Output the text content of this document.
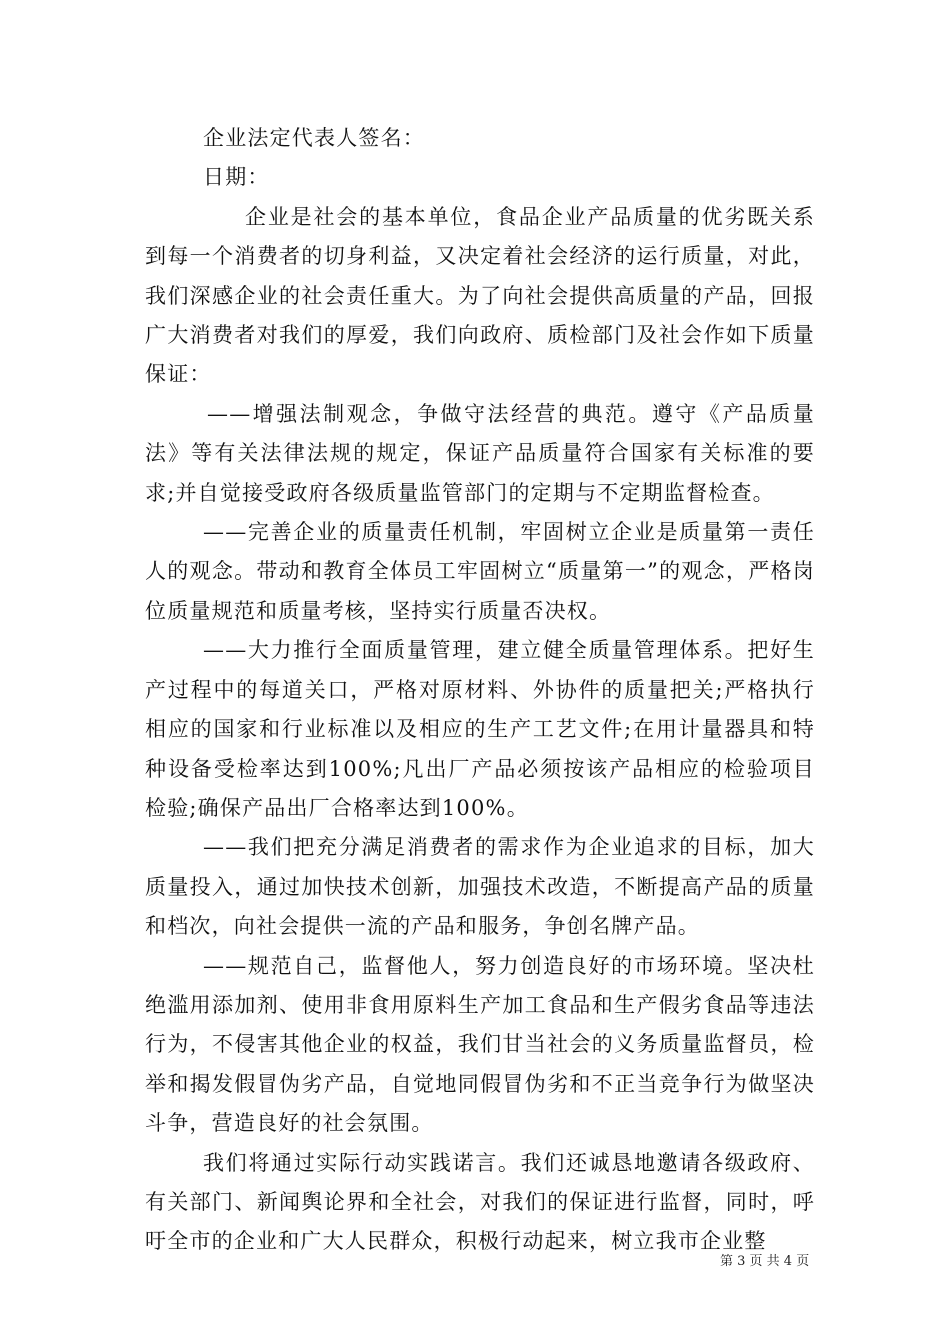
企业法定代表人签名：

日期：

企业是社会的基本单位，食品企业产品质量的优劣既关系到每一个消费者的切身利益，又决定着社会经济的运行质量，对此，我们深感企业的社会责任重大。为了向社会提供高质量的产品，回报广大消费者对我们的厚爱，我们向政府、质检部门及社会作如下质量保证：

——增强法制观念，争做守法经营的典范。遵守《产品质量法》等有关法律法规的规定，保证产品质量符合国家有关标准的要求;并自觉接受政府各级质量监管部门的定期与不定期监督检查。

——完善企业的质量责任机制，牢固树立企业是质量第一责任人的观念。带动和教育全体员工牢固树立“质量第一”的观念，严格岗位质量规范和质量考核，坚持实行质量否决权。

——大力推行全面质量管理，建立健全质量管理体系。把好生产过程中的每道关口，严格对原材料、外协件的质量把关;严格执行相应的国家和行业标准以及相应的生产工艺文件;在用计量器具和特种设备受检率达到100%;凡出厂产品必须按该产品相应的检验项目检验;确保产品出厂合格率达到100%。

——我们把充分满足消费者的需求作为企业追求的目标，加大质量投入，通过加快技术创新，加强技术改造，不断提高产品的质量和档次，向社会提供一流的产品和服务，争创名牌产品。

——规范自己，监督他人，努力创造良好的市场环境。坚决杜绝滥用添加剂、使用非食用原料生产加工食品和生产假劣食品等违法行为，不侵害其他企业的权益，我们甘当社会的义务质量监督员，检举和揭发假冒伪劣产品，自觉地同假冒伪劣和不正当竞争行为做坚决斗争，营造良好的社会氛围。

我们将通过实际行动实践诺言。我们还诚恳地邀请各级政府、有关部门、新闻舆论界和全社会，对我们的保证进行监督，同时，呼吁全市的企业和广大人民群众，积极行动起来，树立我市企业整

第 3 页 共 4 页
